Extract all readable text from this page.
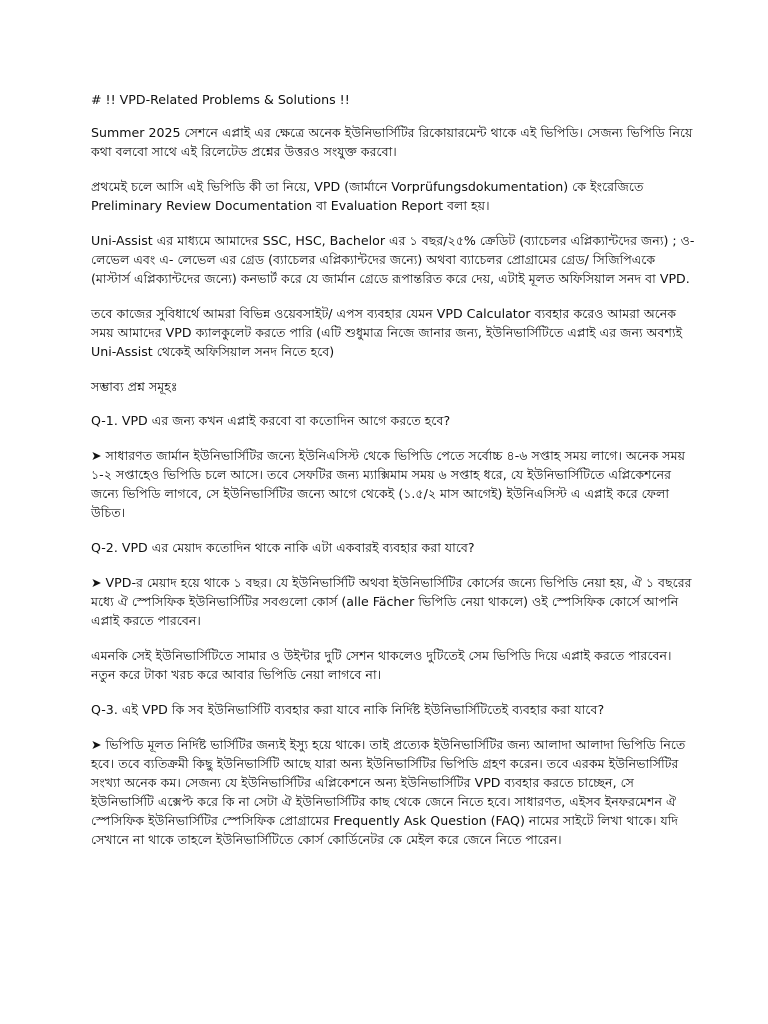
# !! VPD-Related Problems & Solutions !!
Summer 2025 সেশনে এপ্লাই এর ক্ষেত্রে অনেক ইউনিভার্সিটির রিকোয়ারমেন্ট থাকে এই ভিপিডি। সেজন্য ভিপিডি নিয়ে কথা বলবো সাথে এই রিলেটেড প্রশ্নের উত্তরও সংযুক্ত করবো।
প্রথমেই চলে আসি এই ভিপিডি কী তা নিয়ে, VPD (জার্মানে Vorprüfungsdokumentation) কে ইংরেজিতে Preliminary Review Documentation বা Evaluation Report বলা হয়।
Uni-Assist এর মাধ্যমে আমাদের SSC, HSC, Bachelor এর ১ বছর/২৫% ক্রেডিট (ব্যাচেলর এপ্লিক্যান্টদের জন্য) ; ও- লেভেল এবং এ- লেভেল এর গ্রেড (ব্যাচেলর এপ্লিক্যান্টদের জন্যে) অথবা ব্যাচেলর প্রোগ্রামের গ্রেড/ সিজিপিএকে (মাস্টার্স এপ্লিক্যান্টদের জন্যে) কনভার্ট করে যে জার্মান গ্রেডে রূপান্তরিত করে দেয়, এটাই মূলত অফিসিয়াল সনদ বা VPD.
তবে কাজের সুবিধার্থে আমরা বিভিন্ন ওয়েবসাইট/ এপস ব্যবহার যেমন VPD Calculator ব্যবহার করেও আমরা অনেক সময় আমাদের VPD ক্যালকুলেট করতে পারি (এটি শুধুমাত্র নিজে জানার জন্য, ইউনিভার্সিটিতে এপ্লাই এর জন্য অবশ্যই Uni-Assist থেকেই অফিসিয়াল সনদ নিতে হবে)
সম্ভাব্য প্রশ্ন সমূহঃ
Q-1. VPD এর জন্য কখন এপ্লাই করবো বা কতোদিন আগে করতে হবে?
➤ সাধারণত জার্মান ইউনিভার্সিটির জন্যে ইউনিএসিস্ট থেকে ভিপিডি পেতে সর্বোচ্চ ৪-৬ সপ্তাহ সময় লাগে। অনেক সময় ১-২ সপ্তাহেও ভিপিডি চলে আসে। তবে সেফটির জন্য ম্যাক্সিমাম সময় ৬ সপ্তাহ ধরে, যে ইউনিভার্সিটিতে এপ্লিকেশনের জন্যে ভিপিডি লাগবে, সে ইউনিভার্সিটির জন্যে আগে থেকেই (১.৫/২ মাস আগেই) ইউনিএসিস্ট এ এপ্লাই করে ফেলা উচিত।
Q-2. VPD এর মেয়াদ কতোদিন থাকে নাকি এটা একবারই ব্যবহার করা যাবে?
➤ VPD-র মেয়াদ হয়ে থাকে ১ বছর। যে ইউনিভার্সিটি অথবা ইউনিভার্সিটির কোর্সের জন্যে ভিপিডি নেয়া হয়, ঐ ১ বছরের মধ্যে ঐ স্পেসিফিক ইউনিভার্সিটির সবগুলো কোর্স (alle Fächer ভিপিডি নেয়া থাকলে) ওই স্পেসিফিক কোর্সে আপনি এপ্লাই করতে পারবেন।
এমনকি সেই ইউনিভার্সিটিতে সামার ও উইন্টার দুটি সেশন থাকলেও দুটিতেই সেম ভিপিডি দিয়ে এপ্লাই করতে পারবেন। নতুন করে টাকা খরচ করে আবার ভিপিডি নেয়া লাগবে না।
Q-3. এই VPD কি সব ইউনিভার্সিটি ব্যবহার করা যাবে নাকি নির্দিষ্ট ইউনিভার্সিটিতেই ব্যবহার করা যাবে?
➤ ভিপিডি মূলত নির্দিষ্ট ভার্সিটির জন্যই ইস্যু হয়ে থাকে। তাই প্রত্যেক ইউনিভার্সিটির জন্য আলাদা আলাদা ভিপিডি নিতে হবে। তবে ব্যতিক্রমী কিছু ইউনিভার্সিটি আছে যারা অন্য ইউনিভার্সিটির ভিপিডি গ্রহণ করেন। তবে এরকম ইউনিভার্সিটির সংখ্যা অনেক কম। সেজন্য যে ইউনিভার্সিটির এপ্লিকেশনে অন্য ইউনিভার্সিটির VPD ব্যবহার করতে চাচ্ছেন, সে ইউনিভার্সিটি এক্সেপ্ট করে কি না সেটা ঐ ইউনিভার্সিটির কাছ থেকে জেনে নিতে হবে। সাধারণত, এইসব ইনফরমেশন ঐ স্পেসিফিক ইউনিভার্সিটির স্পেসিফিক প্রোগ্রামের Frequently Ask Question (FAQ) নামের সাইটে লিখা থাকে। যদি সেখানে না থাকে তাহলে ইউনিভার্সিটিতে কোর্স কোর্ডিনেটর কে মেইল করে জেনে নিতে পারেন।
